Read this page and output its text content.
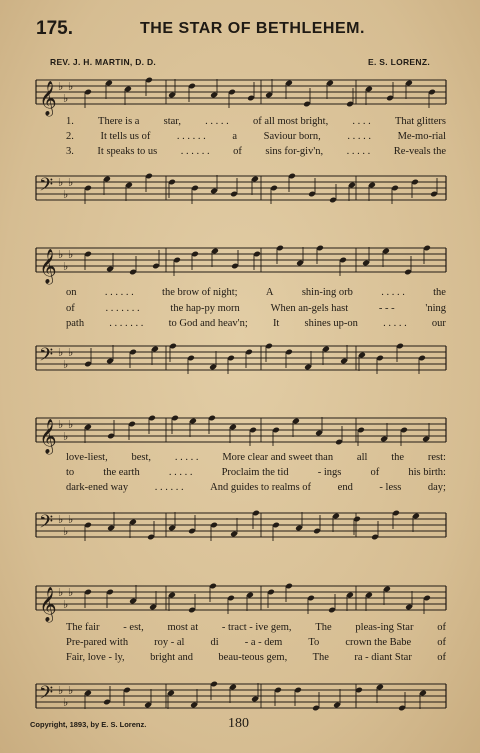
175.	THE STAR OF BETHLEHEM.
REV. J. H. MARTIN, D. D.	E. S. LORENZ.
𝄞 ♭
♭
♭
1. There is a star, . . . . . of all most bright, . . . . That glitters
2.	It tells us of	. . . . . .	a	Saviour born,	. . . . .	Me-mo-rial
3. It speaks to us . . . . . . of sins for-giv'n, . . . . . Re-veals the
𝄢 ♭
♭
♭
𝄞 ♭
♭
♭
on	. . . . . .	the brow of night;	A	shin-ing orb	. . . . .	the
of	. . . . . . .	the hap-py morn	When an-gels hast	- - -	'ning
path . . . . . . . to God and heav'n; It shines up-on . . . . . our
𝄢 ♭
♭
♭
𝄞 ♭
♭
♭
love-liest, best, . . . . . More clear and sweet than all the rest:
to	the earth	. . . . .	Proclaim the tid	- ings	of	his birth:
dark-ened way	. . . . . .	And guides to realms of	end	- less	day;
𝄢 ♭
♭
♭
𝄞 ♭
♭
♭
The fair - est, most at - tract - ive gem, The pleas-ing Star of
Pre-pared with roy - al di - a - dem To crown the Babe of
Fair, love - ly, bright and beau-teous gem, The ra - diant Star of
𝄢 ♭
♭
♭
Copyright, 1893, by E. S. Lorenz.	180
